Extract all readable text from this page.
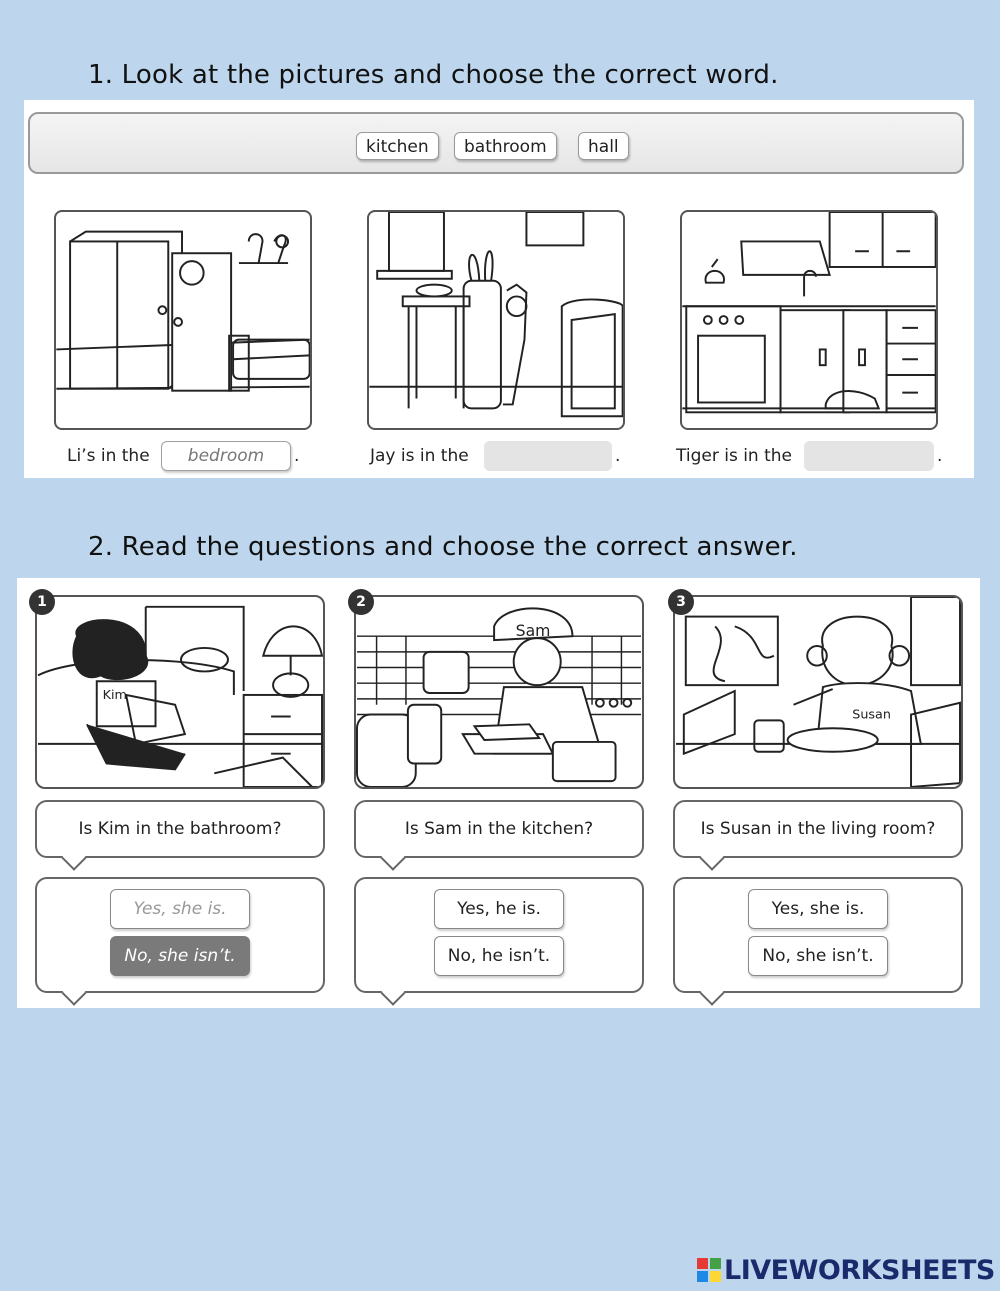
1. Look at the pictures and choose the correct word.
kitchen	bathroom	hall
Li’s in the	bedroom	.	Jay is in the	.	Tiger is in the	.
2. Read the questions and choose the correct answer.
1
Kim
Is Kim in the bathroom?
Yes, she is.
No, she isn’t.
2
Sam
Is Sam in the kitchen?
Yes, he is.
No, he isn’t.
3
Susan
Is Susan in the living room?
Yes, she is.
No, she isn’t.
LIVEWORKSHEETS
